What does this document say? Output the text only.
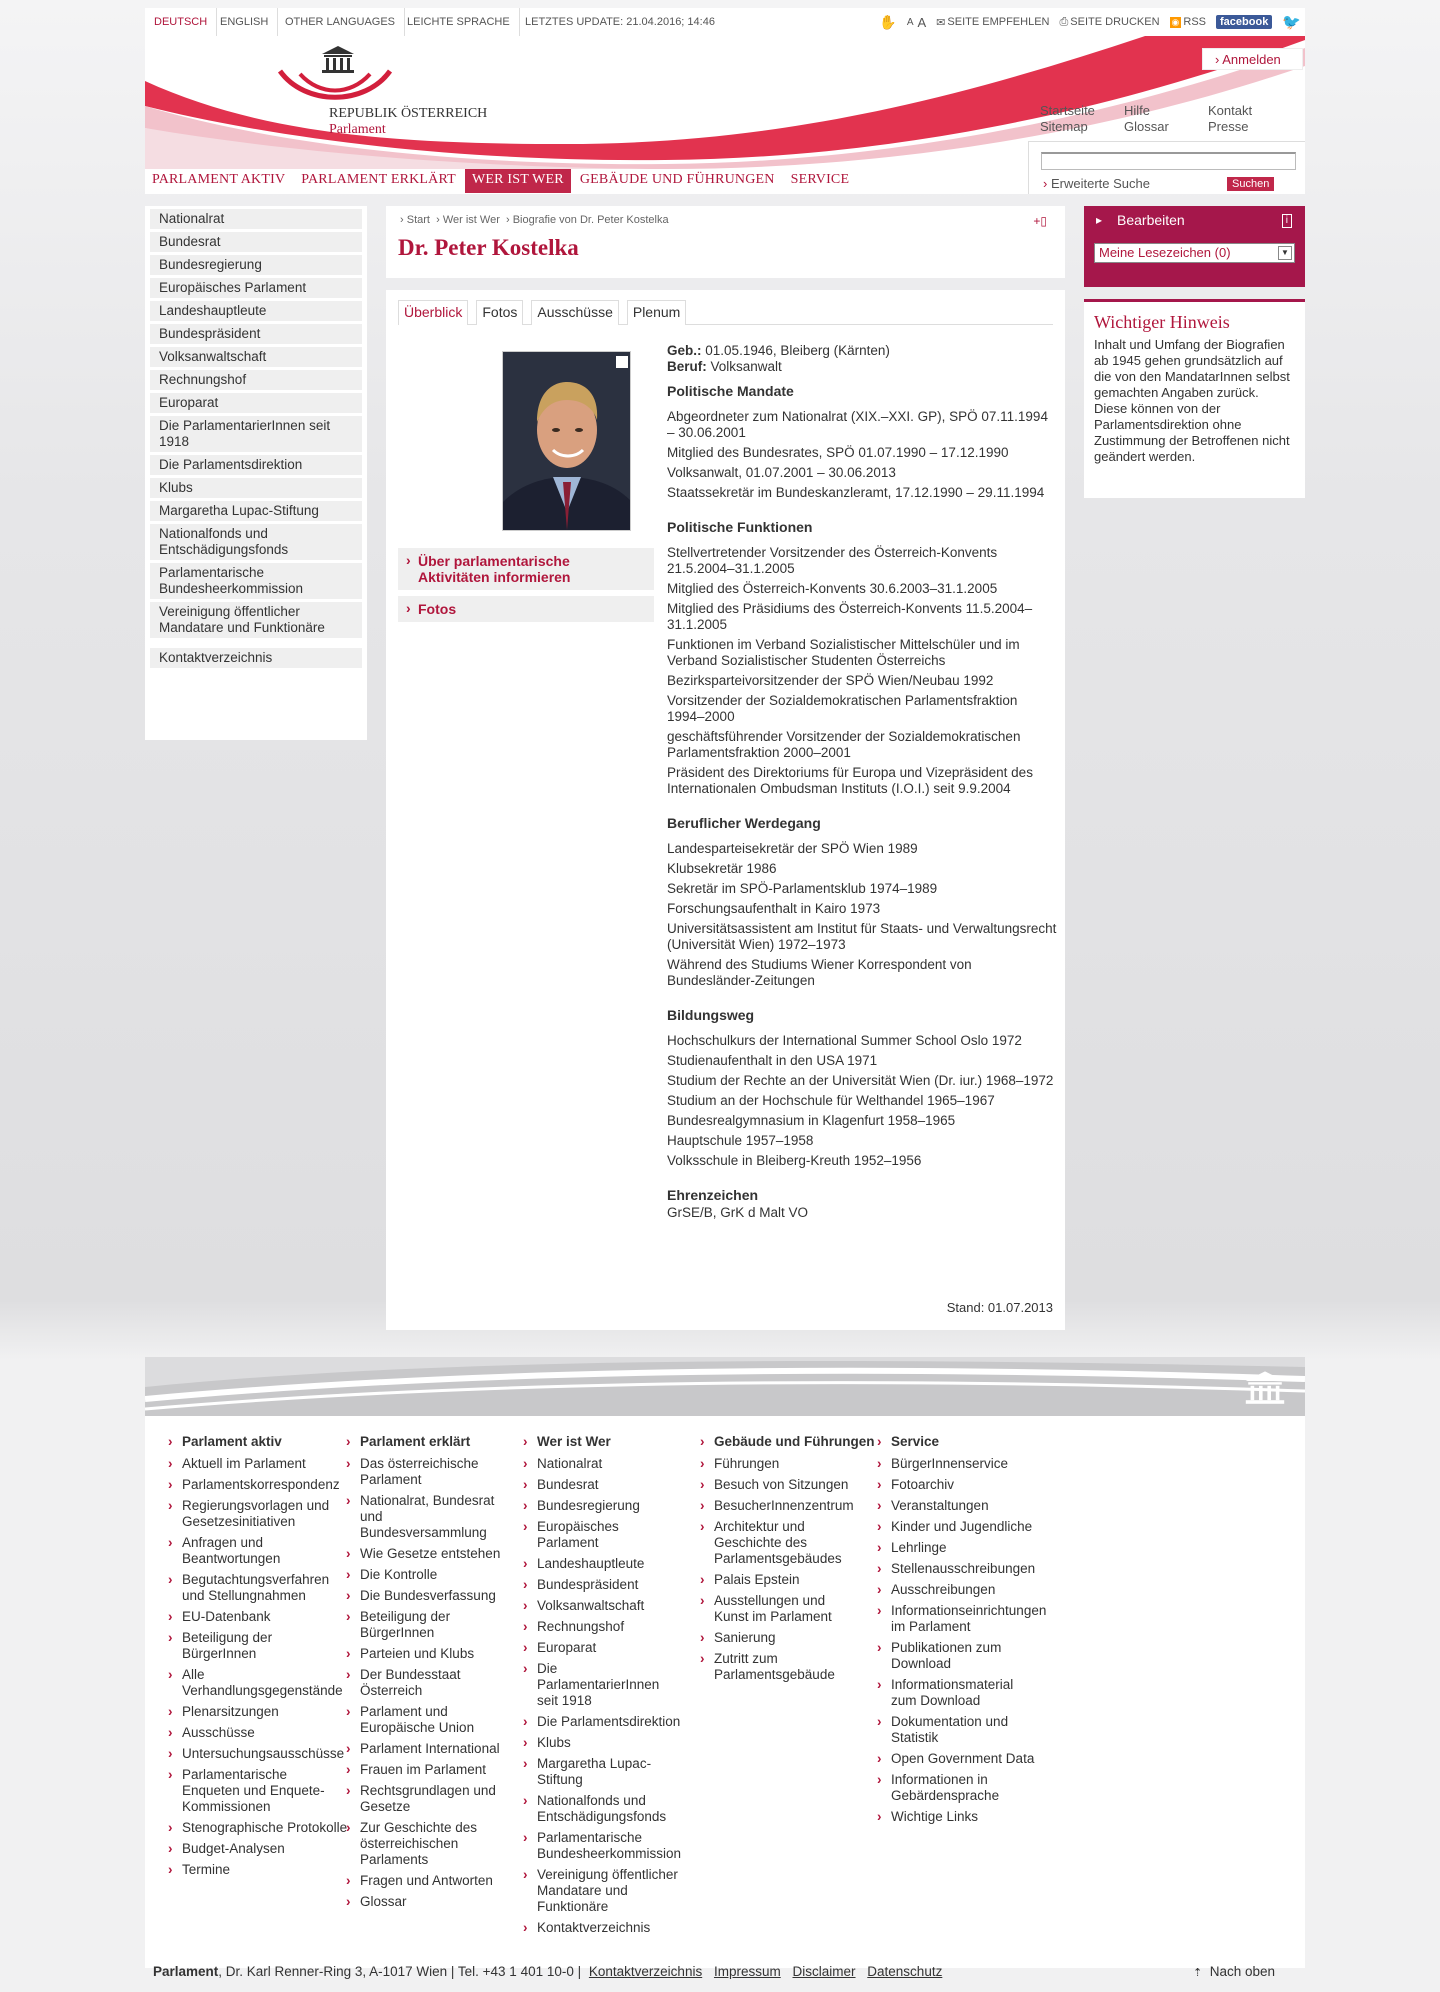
DEUTSCH	ENGLISH	OTHER LANGUAGES	LEICHTE SPRACHE	LETZTES UPDATE: 21.04.2016; 14:46	✋ A A ✉ SEITE EMPFEHLEN ⎙ SEITE DRUCKEN ◉ RSS	facebook 🐦
REPUBLIK ÖSTERREICH
Parlament
› Anmelden
Startseite	Hilfe	Kontakt
Sitemap	Glossar	Presse
› Erweiterte Suche	Suchen
PARLAMENT AKTIV	PARLAMENT ERKLÄRT	WER IST WER	GEBÄUDE UND FÜHRUNGEN	SERVICE
Nationalrat
Bundesrat
Bundesregierung
Europäisches Parlament
Landeshauptleute
Bundespräsident
Volksanwaltschaft
Rechnungshof
Europarat
Die ParlamentarierInnen seit 1918
Die Parlamentsdirektion
Klubs
Margaretha Lupac-Stiftung
Nationalfonds und Entschädigungsfonds
Parlamentarische Bundesheerkommission
Vereinigung öffentlicher Mandatare und Funktionäre
Kontaktverzeichnis
› Start  › Wer ist Wer  › Biografie von Dr. Peter Kostelka	+▯
Dr. Peter Kostelka
Überblick	Fotos	Ausschüsse	Plenum
› Über parlamentarische Aktivitäten informieren
› Fotos

Geb.: 01.05.1946, Bleiberg (Kärnten)

Beruf: Volksanwalt

Politische Mandate

Abgeordneter zum Nationalrat (XIX.–XXI. GP), SPÖ 07.11.1994 – 30.06.2001

Mitglied des Bundesrates, SPÖ 01.07.1990 – 17.12.1990

Volksanwalt, 01.07.2001 – 30.06.2013

Staatssekretär im Bundeskanzleramt, 17.12.1990 – 29.11.1994

Politische Funktionen

Stellvertretender Vorsitzender des Österreich-Konvents 21.5.2004–31.1.2005

Mitglied des Österreich-Konvents 30.6.2003–31.1.2005

Mitglied des Präsidiums des Österreich-Konvents 11.5.2004–31.1.2005

Funktionen im Verband Sozialistischer Mittelschüler und im Verband Sozialistischer Studenten Österreichs

Bezirksparteivorsitzender der SPÖ Wien/Neubau 1992

Vorsitzender der Sozialdemokratischen Parlamentsfraktion 1994–2000

geschäftsführender Vorsitzender der Sozialdemokratischen Parlamentsfraktion 2000–2001

Präsident des Direktoriums für Europa und Vizepräsident des Internationalen Ombudsman Instituts (I.O.I.) seit 9.9.2004

Beruflicher Werdegang

Landesparteisekretär der SPÖ Wien 1989

Klubsekretär 1986

Sekretär im SPÖ-Parlamentsklub 1974–1989

Forschungsaufenthalt in Kairo 1973

Universitätsassistent am Institut für Staats- und Verwaltungsrecht (Universität Wien) 1972–1973

Während des Studiums Wiener Korrespondent von Bundesländer-Zeitungen

Bildungsweg

Hochschulkurs der International Summer School Oslo 1972

Studienaufenthalt in den USA 1971

Studium der Rechte an der Universität Wien (Dr. iur.) 1968–1972

Studium an der Hochschule für Welthandel 1965–1967

Bundesrealgymnasium in Klagenfurt 1958–1965

Hauptschule 1957–1958

Volksschule in Bleiberg-Kreuth 1952–1956

Ehrenzeichen

GrSE/B, GrK d Malt VO

Stand: 01.07.2013
▸ Bearbeiten	i
Meine Lesezeichen (0)	▼
Wichtiger Hinweis

Inhalt und Umfang der Biografien ab 1945 gehen grundsätzlich auf die von den MandatarInnen selbst gemachten Angaben zurück. Diese können von der Parlamentsdirektion ohne Zustimmung der Betroffenen nicht geändert werden.

› Parlament aktiv
› Aktuell im Parlament
› Parlamentskorrespondenz
› Regierungsvorlagen und Gesetzesinitiativen
› Anfragen und Beantwortungen
› Begutachtungsverfahren und Stellungnahmen
› EU-Datenbank
› Beteiligung der BürgerInnen
› Alle Verhandlungsgegenstände
› Plenarsitzungen
› Ausschüsse
› Untersuchungsausschüsse
› Parlamentarische Enqueten und Enquete-Kommissionen
› Stenographische Protokolle
› Budget-Analysen
› Termine
› Parlament erklärt
› Das österreichische Parlament
› Nationalrat, Bundesrat und Bundesversammlung
› Wie Gesetze entstehen
› Die Kontrolle
› Die Bundesverfassung
› Beteiligung der BürgerInnen
› Parteien und Klubs
› Der Bundesstaat Österreich
› Parlament und Europäische Union
› Parlament International
› Frauen im Parlament
› Rechtsgrundlagen und Gesetze
› Zur Geschichte des österreichischen Parlaments
› Fragen und Antworten
› Glossar
› Wer ist Wer
› Nationalrat
› Bundesrat
› Bundesregierung
› Europäisches Parlament
› Landeshauptleute
› Bundespräsident
› Volksanwaltschaft
› Rechnungshof
› Europarat
› Die ParlamentarierInnen seit 1918
› Die Parlamentsdirektion
› Klubs
› Margaretha Lupac-Stiftung
› Nationalfonds und Entschädigungsfonds
› Parlamentarische Bundesheerkommission
› Vereinigung öffentlicher Mandatare und Funktionäre
› Kontaktverzeichnis
› Gebäude und Führungen
› Führungen
› Besuch von Sitzungen
› BesucherInnenzentrum
› Architektur und Geschichte des Parlamentsgebäudes
› Palais Epstein
› Ausstellungen und Kunst im Parlament
› Sanierung
› Zutritt zum Parlamentsgebäude
› Service
› BürgerInnenservice
› Fotoarchiv
› Veranstaltungen
› Kinder und Jugendliche
› Lehrlinge
› Stellenausschreibungen
› Ausschreibungen
› Informationseinrichtungen im Parlament
› Publikationen zum Download
› Informationsmaterial zum Download
› Dokumentation und Statistik
› Open Government Data
› Informationen in Gebärdensprache
› Wichtige Links
Parlament, Dr. Karl Renner-Ring 3, A-1017 Wien | Tel. +43 1 401 10-0 | Kontaktverzeichnis Impressum Disclaimer Datenschutz	⇡ Nach oben
